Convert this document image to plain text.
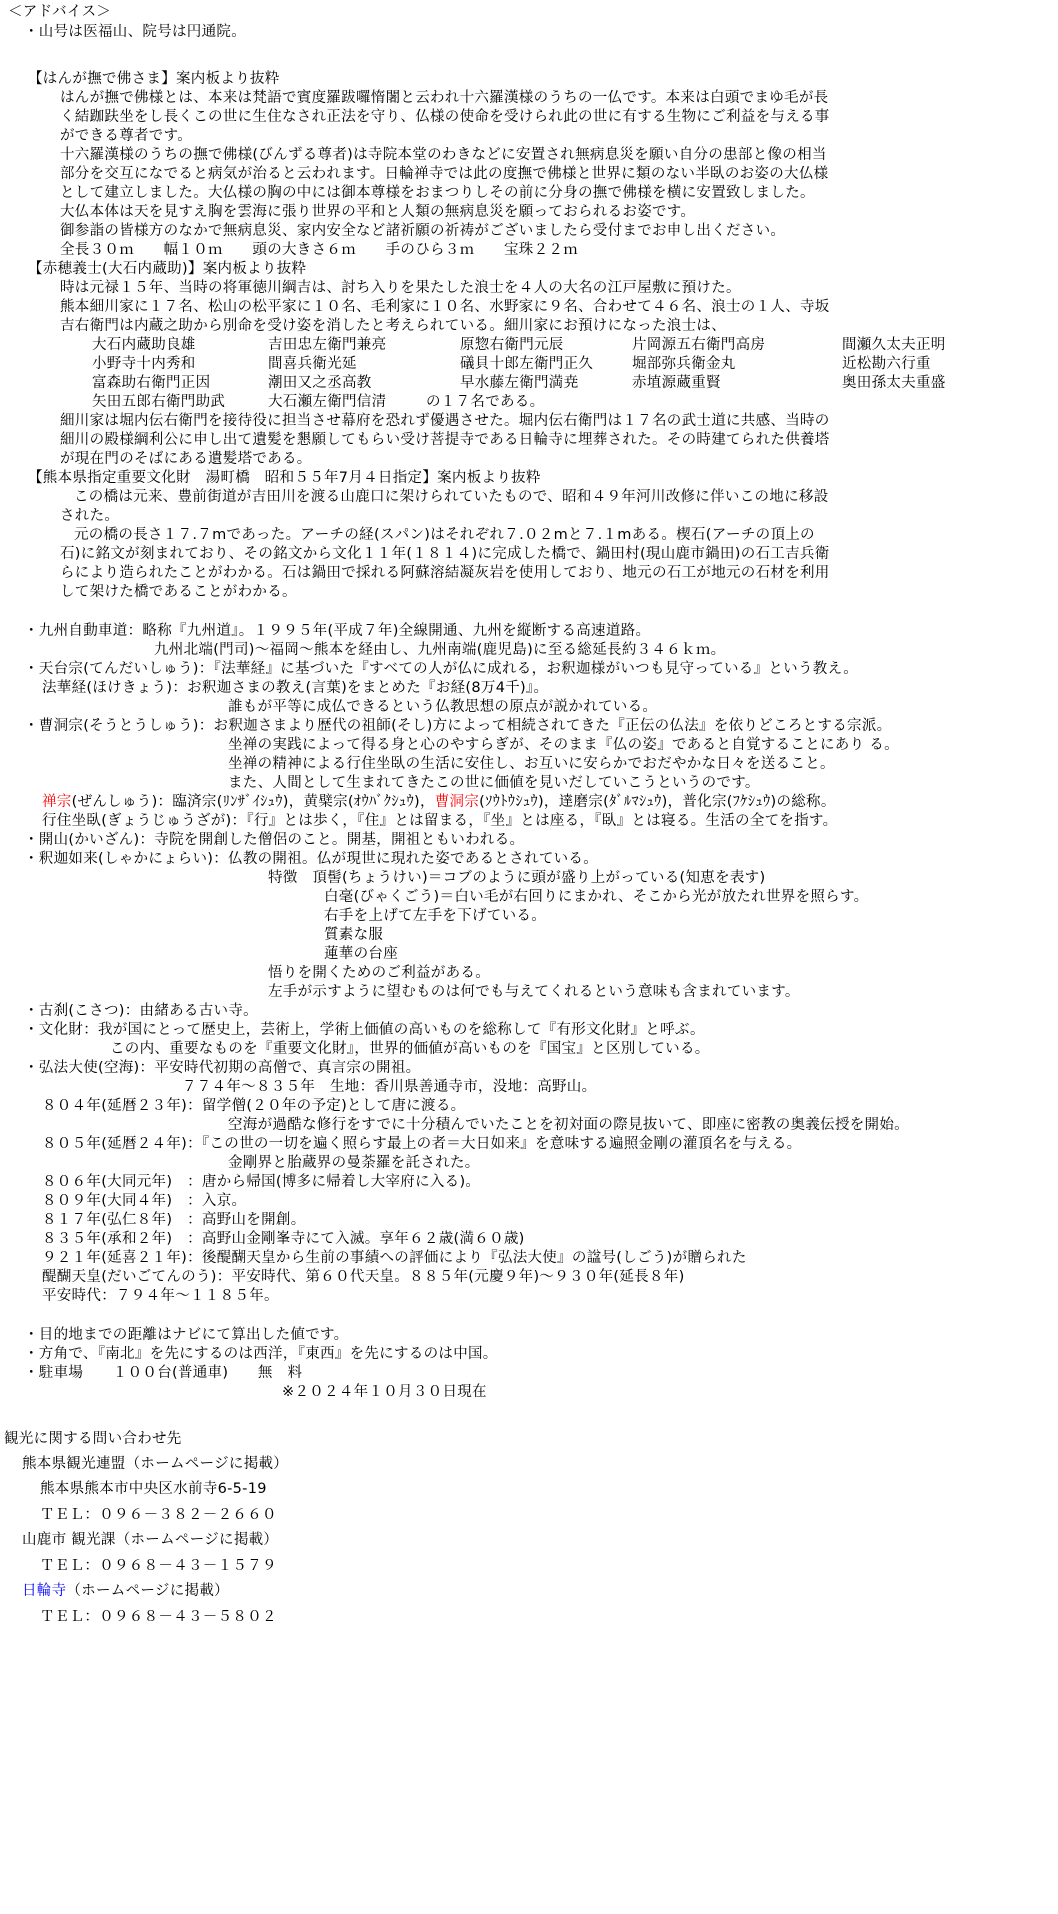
＜アドバイス＞
・山号は医福山、院号は円通院。
【はんが撫で佛さま】案内板より抜粋
はんが撫で佛様とは、本来は梵語で賓度羅跋囉惰闍と云われ十六羅漢様のうちの一仏です。本来は白頭でまゆ毛が長
く結跏趺坐をし長くこの世に生住なされ正法を守り、仏様の使命を受けられ此の世に有する生物にご利益を与える事
ができる尊者です。
十六羅漢様のうちの撫で佛様(びんずる尊者)は寺院本堂のわきなどに安置され無病息災を願い自分の患部と像の相当
部分を交互になでると病気が治ると云われます。日輪禅寺では此の度撫で佛様と世界に類のない半臥のお姿の大仏様
として建立しました。大仏様の胸の中には御本尊様をおまつりしその前に分身の撫で佛様を横に安置致しました。
大仏本体は天を見すえ胸を雲海に張り世界の平和と人類の無病息災を願っておられるお姿です。
御参詣の皆様方のなかで無病息災、家内安全など諸祈願の祈祷がございましたら受付までお申し出ください。
全長３０ｍ　　幅１０ｍ　　頭の大きさ６ｍ　　手のひら３ｍ　　宝珠２２ｍ
【赤穂義士(大石内蔵助)】案内板より抜粋
時は元禄１５年、当時の将軍徳川綱吉は、討ち入りを果たした浪士を４人の大名の江戸屋敷に預けた。
熊本細川家に１７名、松山の松平家に１０名、毛利家に１０名、水野家に９名、合わせて４６名、浪士の１人、寺坂
吉右衛門は内蔵之助から別命を受け姿を消したと考えられている。細川家にお預けになった浪士は、
大石内蔵助良雄	吉田忠左衛門兼亮	原惣右衛門元辰	片岡源五右衛門高房	間瀬久太夫正明
小野寺十内秀和	間喜兵衛光延	礒貝十郎左衛門正久	堀部弥兵衛金丸	近松勘六行重
富森助右衛門正因	潮田又之丞高教	早水藤左衛門満尭	赤埴源蔵重賢	奥田孫太夫重盛
矢田五郎右衛門助武	大石瀬左衛門信清	の１７名である。
細川家は堀内伝右衛門を接待役に担当させ幕府を恐れず優遇させた。堀内伝右衛門は１７名の武士道に共感、当時の
細川の殿様綱利公に申し出て遺髪を懇願してもらい受け菩提寺である日輪寺に埋葬された。その時建てられた供養塔
が現在門のそばにある遺髪塔である。
【熊本県指定重要文化財　湯町橋　昭和５５年7月４日指定】案内板より抜粋
この橋は元来、豊前街道が吉田川を渡る山鹿口に架けられていたもので、昭和４９年河川改修に伴いこの地に移設
された。
元の橋の長さ１７.７mであった。アーチの経(スパン)はそれぞれ７.０２mと７.１mある。楔石(アーチの頂上の
石)に銘文が刻まれており、その銘文から文化１１年(１８１４)に完成した橋で、鍋田村(現山鹿市鍋田)の石工吉兵衛
らにより造られたことがわかる。石は鍋田で採れる阿蘇溶結凝灰岩を使用しており、地元の石工が地元の石材を利用
して架けた橋であることがわかる。
・九州自動車道：略称『九州道』。１９９５年(平成７年)全線開通、九州を縦断する高速道路。
九州北端(門司)～福岡～熊本を経由し、九州南端(鹿児島)に至る総延長約３４６ｋｍ。
・天台宗(てんだいしゅう)：『法華経』に基づいた『すべての人が仏に成れる，お釈迦様がいつも見守っている』という教え。
法華経(ほけきょう)：お釈迦さまの教え(言葉)をまとめた『お経(8万4千)』。
誰もが平等に成仏できるという仏教思想の原点が説かれている。
・曹洞宗(そうとうしゅう)：お釈迦さまより歴代の祖師(そし)方によって相続されてきた『正伝の仏法』を依りどころとする宗派。
坐禅の実践によって得る身と心のやすらぎが、そのまま『仏の姿』であると自覚することにあり る。
坐禅の精神による行住坐臥の生活に安住し、お互いに安らかでおだやかな日々を送ること。
また、人間として生まれてきたこの世に価値を見いだしていこうというのです。
禅宗(ぜんしゅう)：臨済宗(ﾘﾝｻﾞｲｼｭｳ)，黄檗宗(ｵｳﾊﾞｸｼｭｳ)，曹洞宗(ｿｳﾄｳｼｭｳ)，達磨宗(ﾀﾞﾙﾏｼｭｳ)，普化宗(ﾌｹｼｭｳ)の総称。
行住坐臥(ぎょうじゅうざが)：『行』とは歩く，『住』とは留まる，『坐』とは座る，『臥』とは寝る。生活の全てを指す。
・開山(かいざん)：寺院を開創した僧侶のこと。開基，開祖ともいわれる。
・釈迦如来(しゃかにょらい)：仏教の開祖。仏が現世に現れた姿であるとされている。
特徴　頂髻(ちょうけい)＝コブのように頭が盛り上がっている(知恵を表す)
白毫(びゃくごう)＝白い毛が右回りにまかれ、そこから光が放たれ世界を照らす。
右手を上げて左手を下げている。
質素な服
蓮華の台座
悟りを開くためのご利益がある。
左手が示すように望むものは何でも与えてくれるという意味も含まれています。
・古刹(こさつ)：由緒ある古い寺。
・文化財：我が国にとって歴史上，芸術上，学術上価値の高いものを総称して『有形文化財』と呼ぶ。
この内、重要なものを『重要文化財』，世界的価値が高いものを『国宝』と区別している。
・弘法大使(空海)：平安時代初期の高僧で、真言宗の開祖。
７７４年～８３５年　生地：香川県善通寺市，没地：高野山。
８０４年(延暦２３年)：留学僧(２０年の予定)として唐に渡る。
空海が過酷な修行をすでに十分積んでいたことを初対面の際見抜いて、即座に密教の奥義伝授を開始。
８０５年(延暦２４年)：『この世の一切を遍く照らす最上の者＝大日如来』を意味する遍照金剛の灌頂名を与える。
金剛界と胎蔵界の曼荼羅を託された。
８０６年(大同元年)　：唐から帰国(博多に帰着し大宰府に入る)。
８０９年(大同４年)　：入京。
８１７年(弘仁８年)　：高野山を開創。
８３５年(承和２年)　：高野山金剛峯寺にて入滅。享年６２歳(満６０歳)
９２１年(延喜２１年)：後醍醐天皇から生前の事績への評価により『弘法大使』の諡号(しごう)が贈られた
醍醐天皇(だいごてんのう)：平安時代、第６０代天皇。８８５年(元慶９年)～９３０年(延長８年)
平安時代：７９４年～１１８５年。
・目的地までの距離はナビにて算出した値です。
・方角で、『南北』を先にするのは西洋，『東西』を先にするのは中国。
・駐車場　　１００台(普通車)　　無　料
※２０２４年１０月３０日現在
観光に関する問い合わせ先
熊本県観光連盟（ホームページに掲載）
熊本県熊本市中央区水前寺6-5-19
ＴＥＬ：０９６－３８２－２６６０
山鹿市 観光課（ホームページに掲載）
ＴＥＬ：０９６８－４３－１５７９
日輪寺（ホームページに掲載）
ＴＥＬ：０９６８－４３－５８０２
